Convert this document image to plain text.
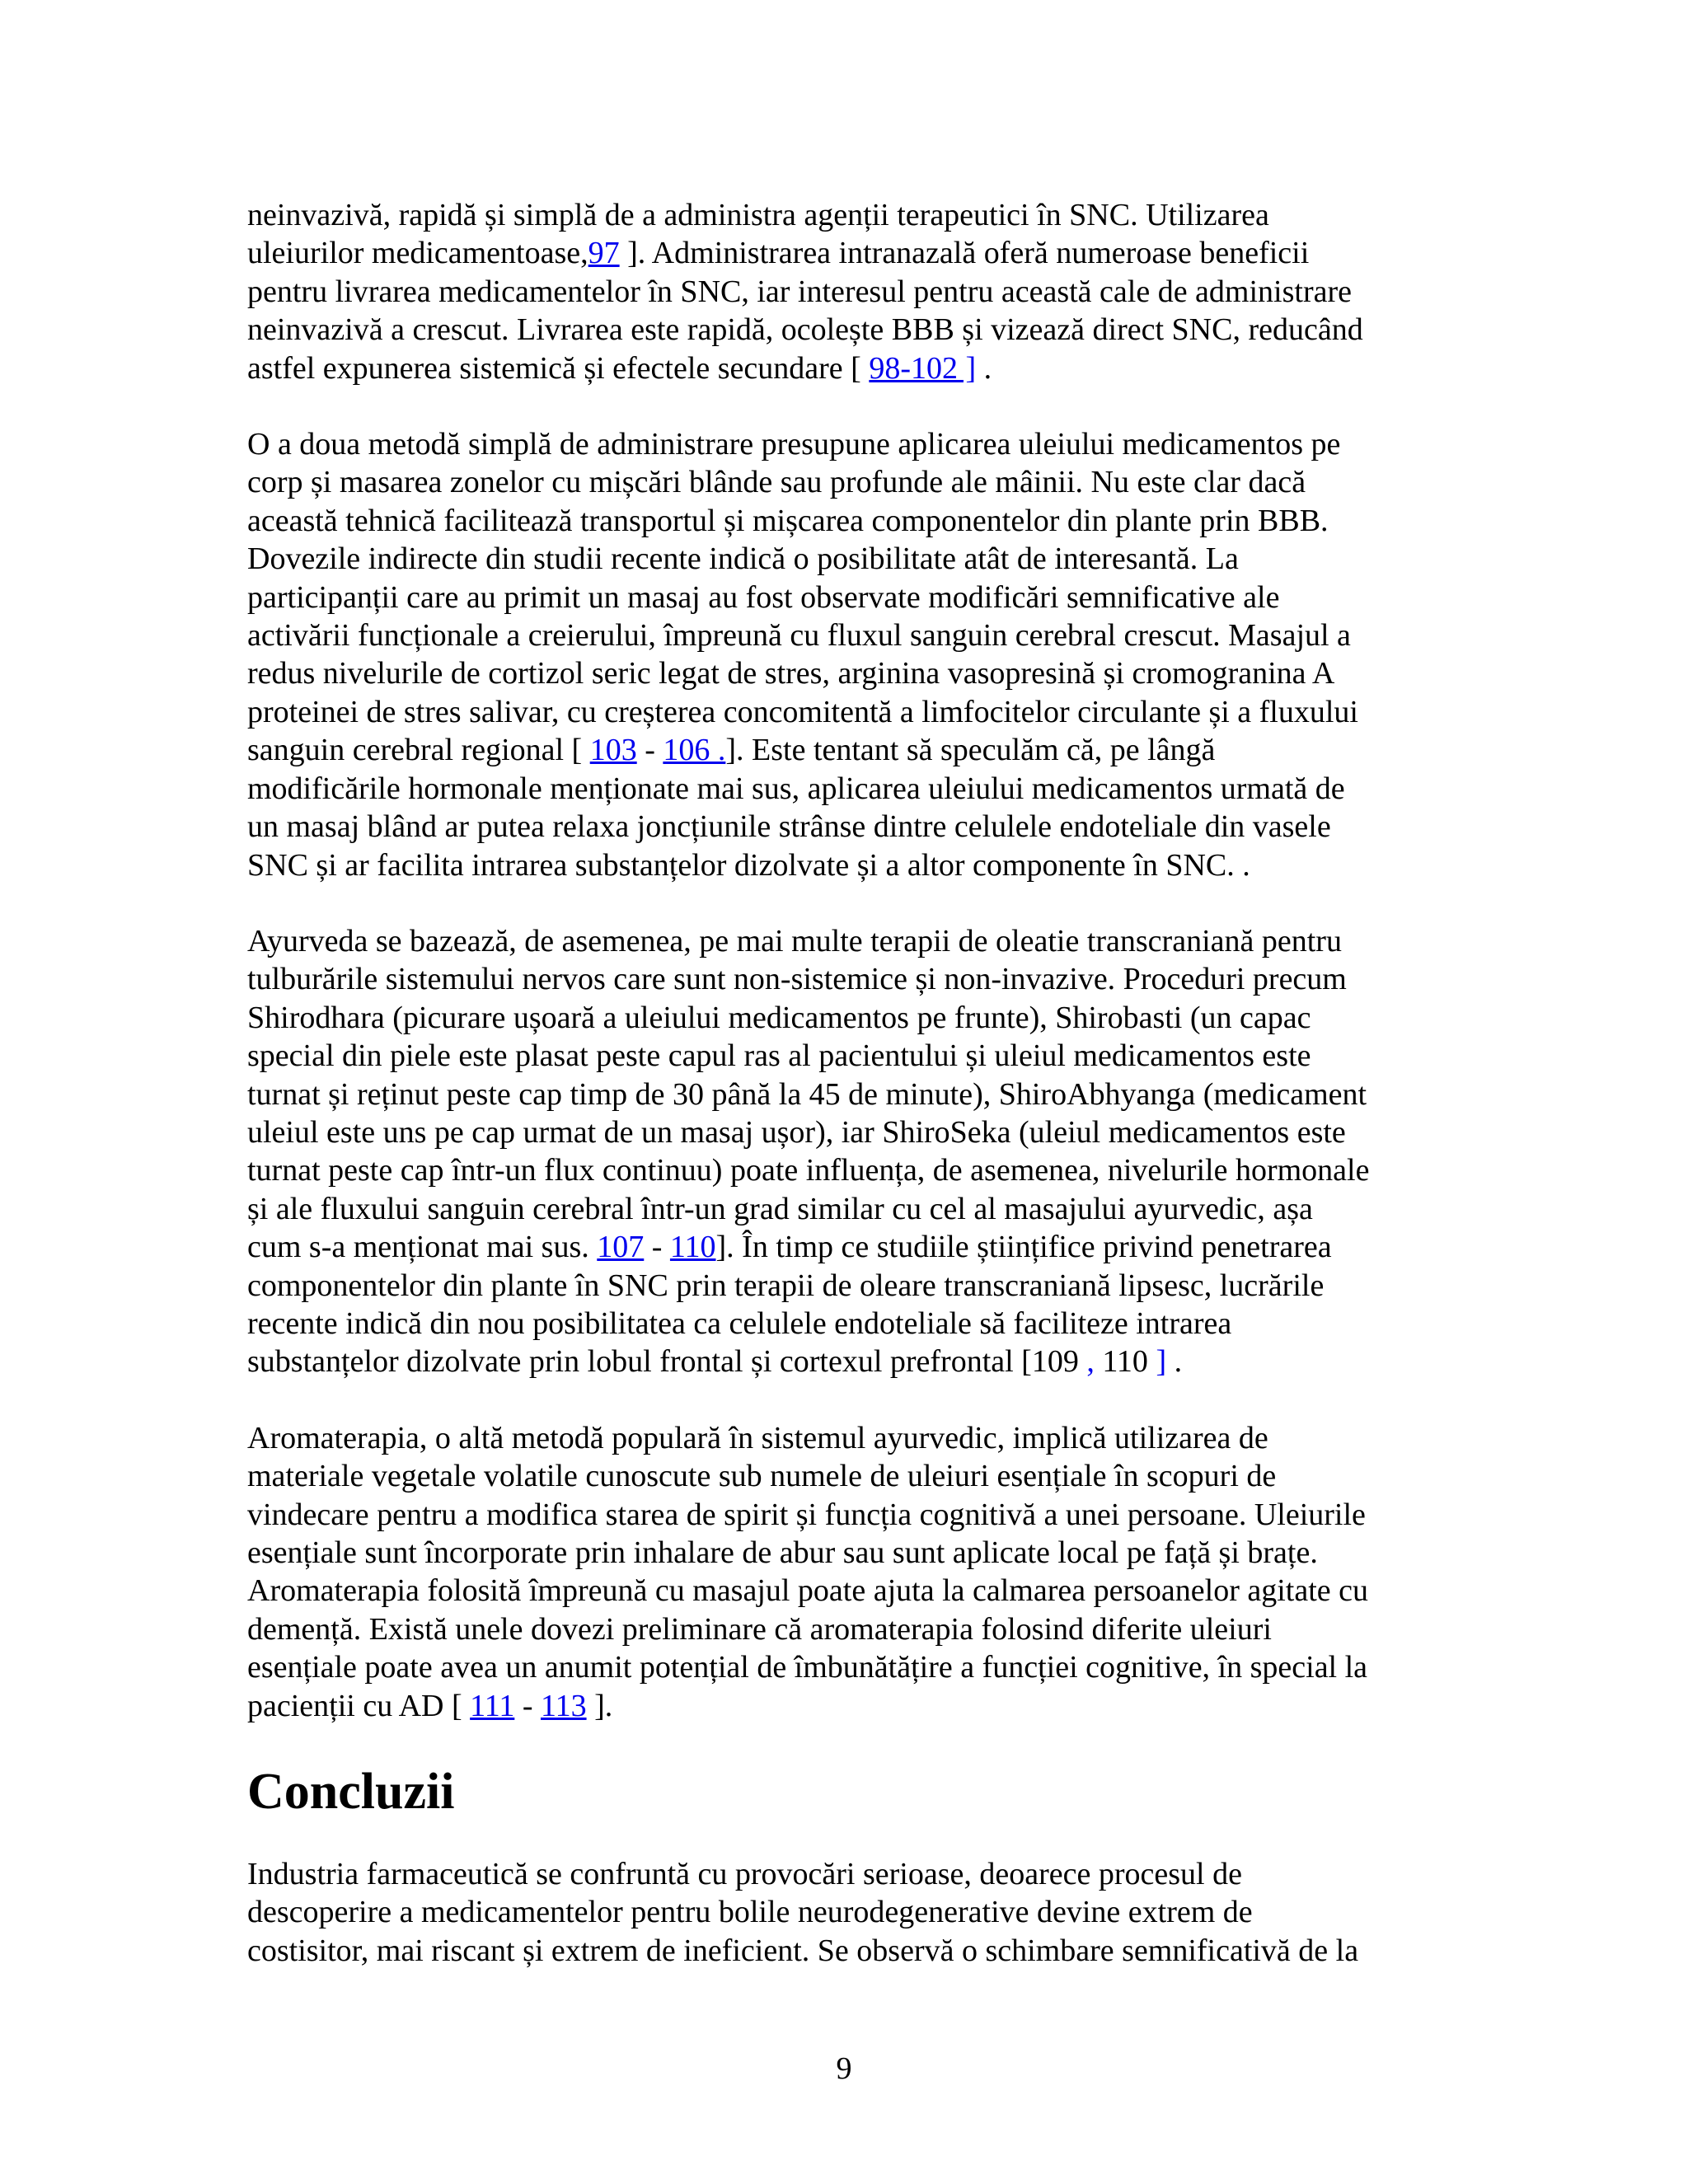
neinvazivă, rapidă și simplă de a administra agenții terapeutici în SNC. Utilizarea
uleiurilor medicamentoase,97 ]. Administrarea intranazală oferă numeroase beneficii
pentru livrarea medicamentelor în SNC, iar interesul pentru această cale de administrare
neinvazivă a crescut. Livrarea este rapidă, ocolește BBB și vizează direct SNC, reducând
astfel expunerea sistemică și efectele secundare [ 98-102 ] .

O a doua metodă simplă de administrare presupune aplicarea uleiului medicamentos pe
corp și masarea zonelor cu mișcări blânde sau profunde ale mâinii. Nu este clar dacă
această tehnică facilitează transportul și mișcarea componentelor din plante prin BBB.
Dovezile indirecte din studii recente indică o posibilitate atât de interesantă. La
participanții care au primit un masaj au fost observate modificări semnificative ale
activării funcționale a creierului, împreună cu fluxul sanguin cerebral crescut. Masajul a
redus nivelurile de cortizol seric legat de stres, arginina vasopresină și cromogranina A
proteinei de stres salivar, cu creșterea concomitentă a limfocitelor circulante și a fluxului
sanguin cerebral regional [ 103 - 106 .]. Este tentant să speculăm că, pe lângă
modificările hormonale menționate mai sus, aplicarea uleiului medicamentos urmată de
un masaj blând ar putea relaxa joncțiunile strânse dintre celulele endoteliale din vasele
SNC și ar facilita intrarea substanțelor dizolvate și a altor componente în SNC. .

Ayurveda se bazează, de asemenea, pe mai multe terapii de oleatie transcraniană pentru
tulburările sistemului nervos care sunt non-sistemice și non-invazive. Proceduri precum
Shirodhara (picurare ușoară a uleiului medicamentos pe frunte), Shirobasti (un capac
special din piele este plasat peste capul ras al pacientului și uleiul medicamentos este
turnat și reținut peste cap timp de 30 până la 45 de minute), ShiroAbhyanga (medicament
uleiul este uns pe cap urmat de un masaj ușor), iar ShiroSeka (uleiul medicamentos este
turnat peste cap într-un flux continuu) poate influența, de asemenea, nivelurile hormonale
și ale fluxului sanguin cerebral într-un grad similar cu cel al masajului ayurvedic, așa
cum s-a menționat mai sus. 107 - 110]. În timp ce studiile științifice privind penetrarea
componentelor din plante în SNC prin terapii de oleare transcraniană lipsesc, lucrările
recente indică din nou posibilitatea ca celulele endoteliale să faciliteze intrarea
substanțelor dizolvate prin lobul frontal și cortexul prefrontal [109 , 110 ] .

Aromaterapia, o altă metodă populară în sistemul ayurvedic, implică utilizarea de
materiale vegetale volatile cunoscute sub numele de uleiuri esențiale în scopuri de
vindecare pentru a modifica starea de spirit și funcția cognitivă a unei persoane. Uleiurile
esențiale sunt încorporate prin inhalare de abur sau sunt aplicate local pe față și brațe.
Aromaterapia folosită împreună cu masajul poate ajuta la calmarea persoanelor agitate cu
demență. Există unele dovezi preliminare că aromaterapia folosind diferite uleiuri
esențiale poate avea un anumit potențial de îmbunătățire a funcției cognitive, în special la
pacienții cu AD [ 111 - 113 ].

Concluzii

Industria farmaceutică se confruntă cu provocări serioase, deoarece procesul de
descoperire a medicamentelor pentru bolile neurodegenerative devine extrem de
costisitor, mai riscant și extrem de ineficient. Se observă o schimbare semnificativă de la

9
